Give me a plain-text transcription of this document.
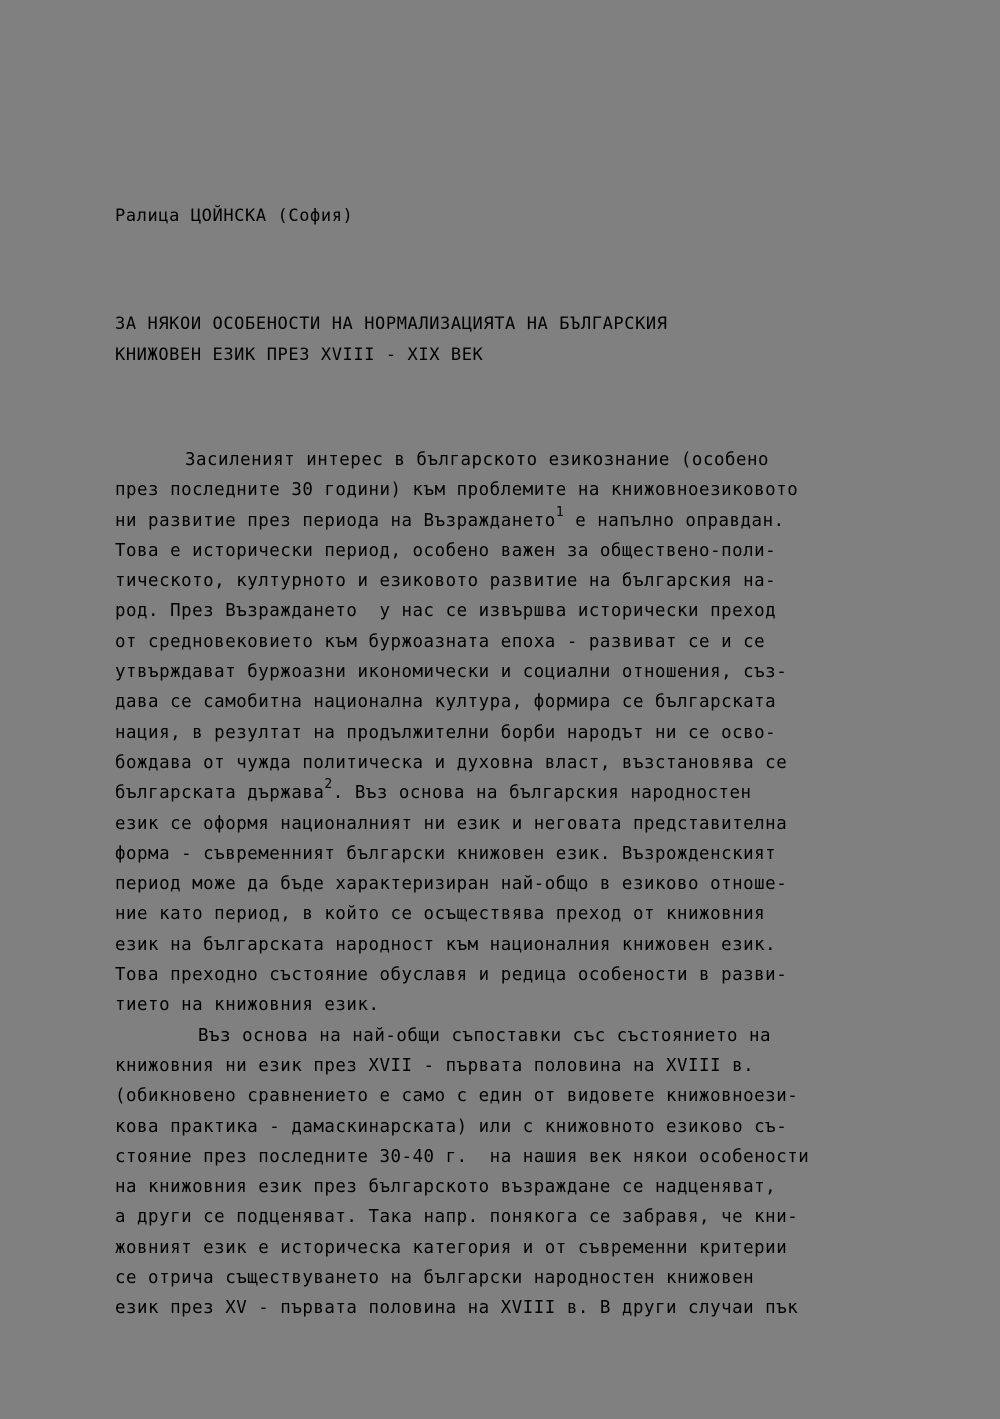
Ралица ЦОЙНСКА (София)
ЗА НЯКОИ ОСОБЕНОСТИ НА НОРМАЛИЗАЦИЯТА НА БЪЛГАРСКИЯ
КНИЖОВЕН ЕЗИК ПРЕЗ XVIII - XIX ВЕК
Засиленият интерес в българското езикознание (особено
през последните 30 години) към проблемите на книжовноезиковото
ни развитие през периода на Възраждането$^1$ е напълно оправдан.
Това е исторически период, особено важен за обществено-поли-
тическото, културното и езиковото развитие на българския на-
род. През Възраждането  у нас се извършва исторически преход
от средновековието към буржоазната епоха - развиват се и се
утвърждават буржоазни икономически и социални отношения, съз-
дава се самобитна национална култура, формира се българската
нация, в резултат на продължителни борби народът ни се осво-
бождава от чужда политическа и духовна власт, възстановява се
българската държава$^2$. Въз основа на българския народностен
език се оформя националният ни език и неговата представителна
форма - съвременният български книжовен език. Възрожденският
период може да бъде характеризиран най-общо в езиково отноше-
ние като период, в който се осъществява преход от книжовния
език на българската народност към националния книжовен език.
Това преходно състояние обуславя и редица особености в разви-
тието на книжовния език.
Въз основа на най-общи съпоставки със състоянието на
книжовния ни език през XVII - първата половина на XVIII в.
(обикновено сравнението е само с един от видовете книжовноези-
кова практика - дамаскинарската) или с книжовното езиково съ-
стояние през последните 30-40 г.  на нашия век някои особености
на книжовния език през българското възраждане се надценяват,
а други се подценяват. Така напр. понякога се забравя, че кни-
жовният език е историческа категория и от съвременни критерии
се отрича съществуването на български народностен книжовен
език през XV - първата половина на XVIII в. В други случаи пък
